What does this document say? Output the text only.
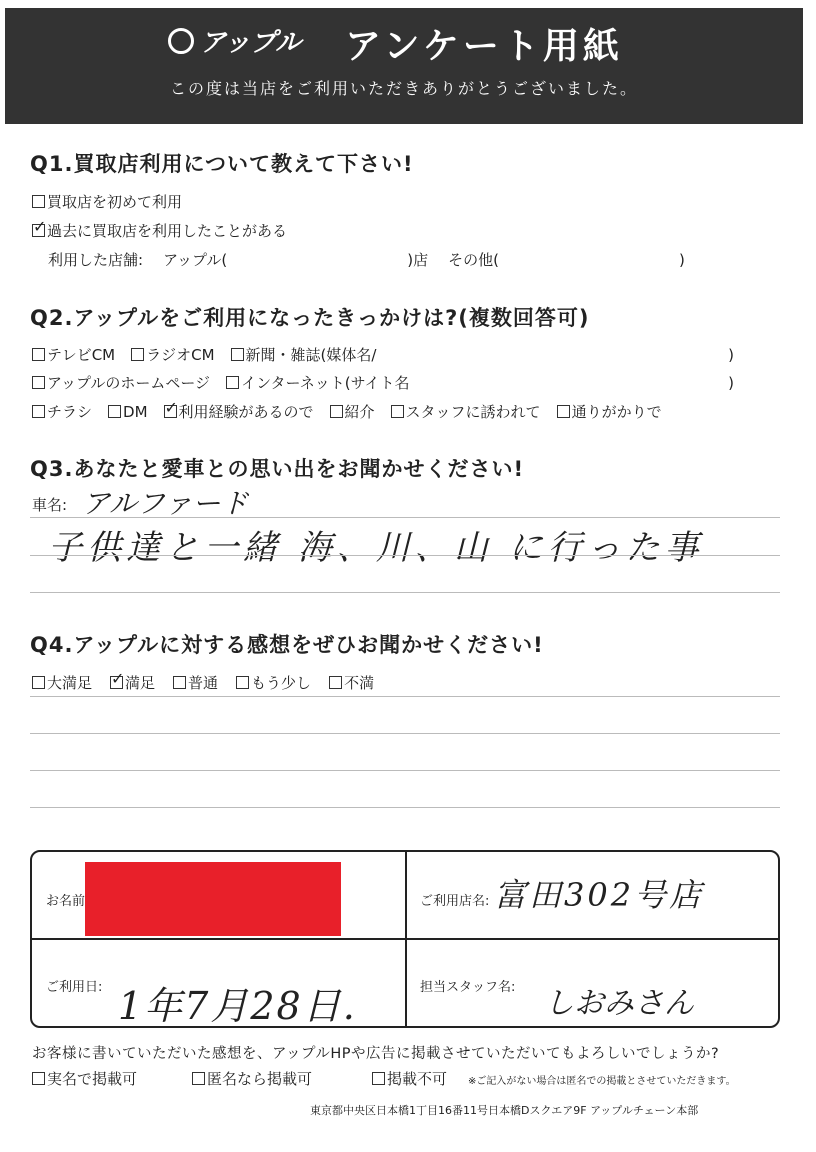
アップル アンケート用紙
この度は当店をご利用いただきありがとうございました。
Q1.買取店利用について教えて下さい!
買取店を初めて利用
✓
過去に買取店を利用したことがある
利用した店舗: アップル(	)店 その他(	)
Q2.アップルをご利用になったきっかけは?(複数回答可)
テレビCM ラジオCM 新聞・雑誌(媒体名/	)
アップルのホームページ インターネット(サイト名	)
チラシ DM ✓ 利用経験があるので 紹介 スタッフに誘われて 通りがかりで
Q3.あなたと愛車との思い出をお聞かせください!
車名: アルファード
子供達と一緒 海、川、山 に行った事
Q4.アップルに対する感想をぜひお聞かせください!
大満足 ✓ 満足 普通 もう少し 不満
お名前	ご利用店名: 富田302号店
ご利用日: 1年7月28日.	担当スタッフ名: しおみさん
お客様に書いていただいた感想を、アップルHPや広告に掲載させていただいてもよろしいでしょうか?
実名で掲載可	匿名なら掲載可	掲載不可 ※ご記入がない場合は匿名での掲載とさせていただきます。
東京都中央区日本橋1丁目16番11号日本橋Dスクエア9F アップルチェーン本部
